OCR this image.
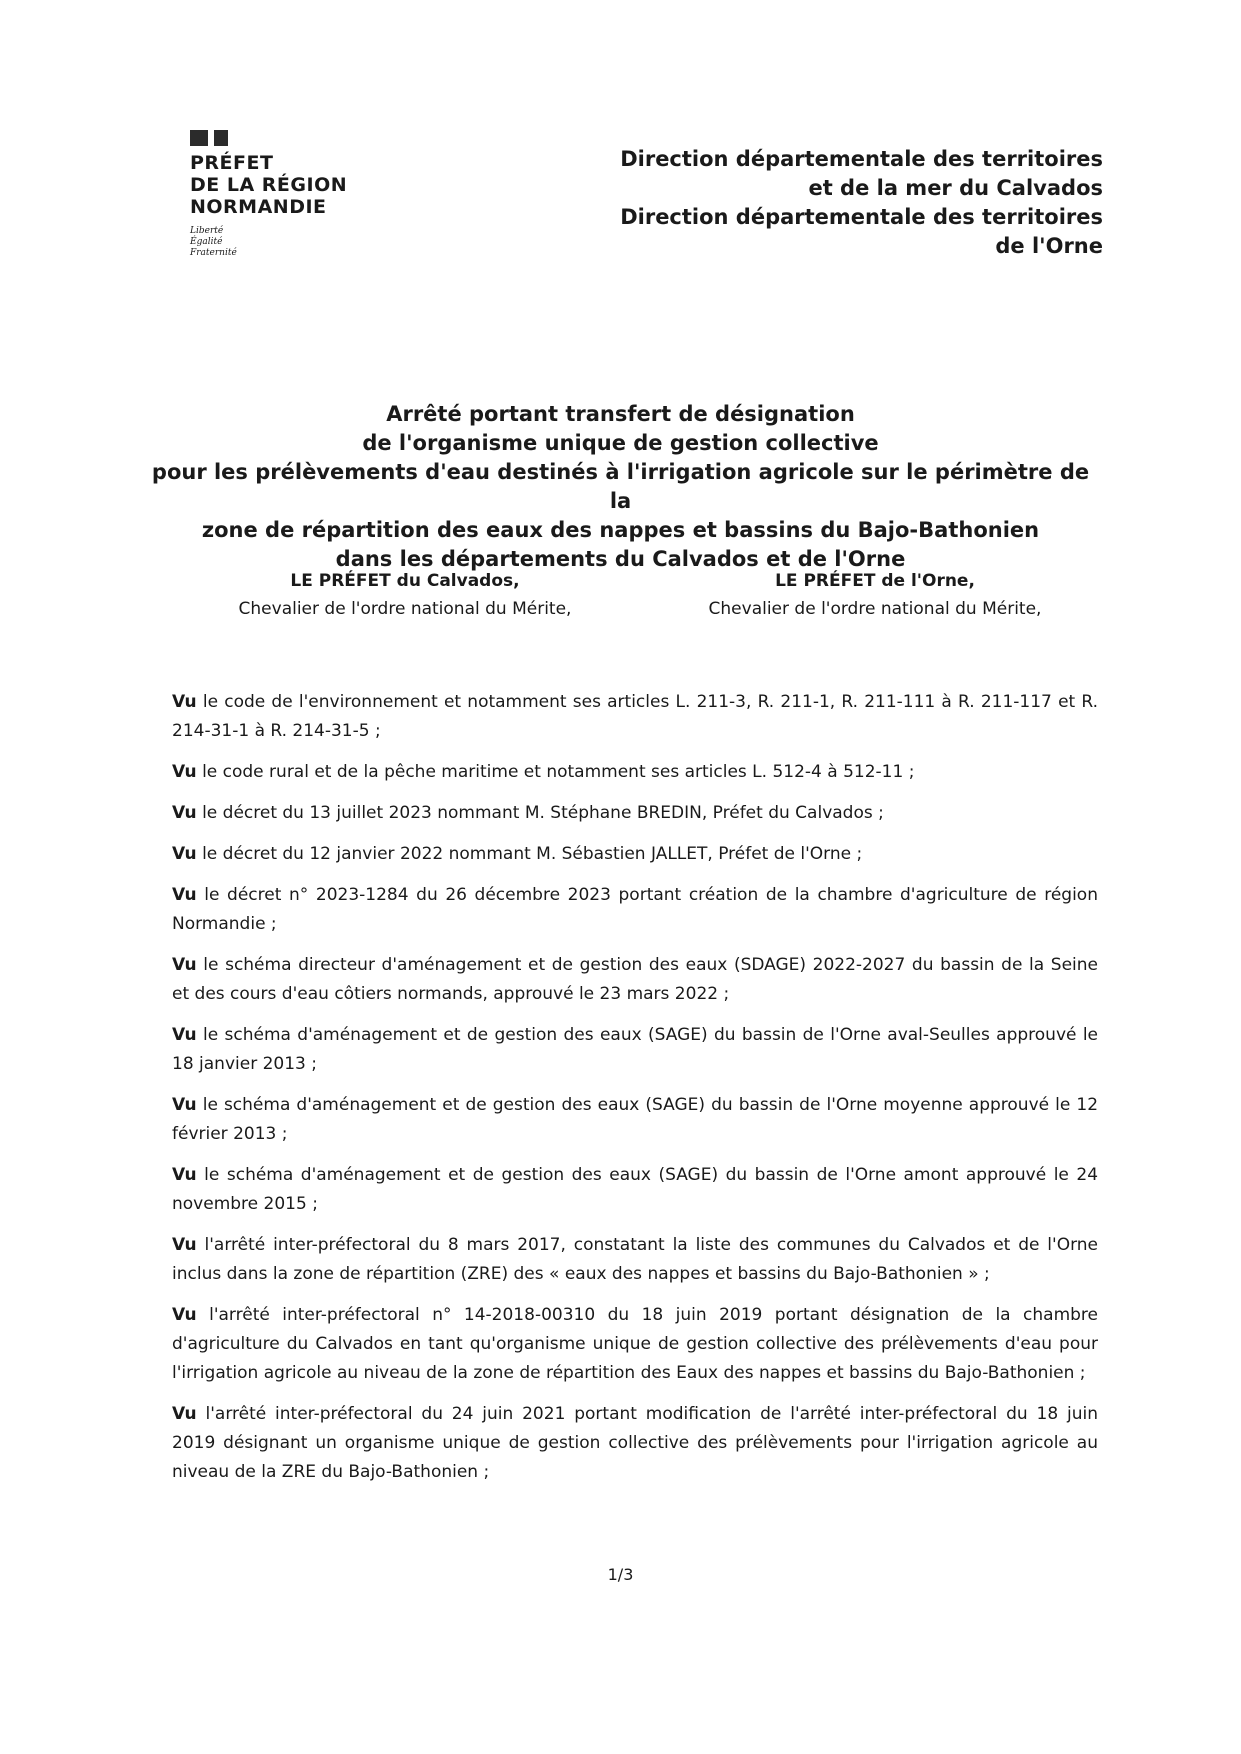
PRÉFET
DE LA RÉGION
NORMANDIE
Liberté
Égalité
Fraternité
Direction départementale des territoires
et de la mer du Calvados
Direction départementale des territoires
de l'Orne
Arrêté portant transfert de désignation
de l'organisme unique de gestion collective
pour les prélèvements d'eau destinés à l'irrigation agricole sur le périmètre de la
zone de répartition des eaux des nappes et bassins du Bajo-Bathonien
dans les départements du Calvados et de l'Orne
LE PRÉFET du Calvados,
Chevalier de l'ordre national du Mérite,
LE PRÉFET de l'Orne,
Chevalier de l'ordre national du Mérite,

Vu le code de l'environnement et notamment ses articles L. 211-3, R. 211-1, R. 211-111 à R. 211-117 et R. 214-31-1 à R. 214-31-5 ;

Vu le code rural et de la pêche maritime et notamment ses articles L. 512-4 à 512-11 ;

Vu le décret du 13 juillet 2023 nommant M. Stéphane BREDIN, Préfet du Calvados ;

Vu le décret du 12 janvier 2022 nommant M. Sébastien JALLET, Préfet de l'Orne ;

Vu le décret n° 2023-1284 du 26 décembre 2023 portant création de la chambre d'agriculture de région Normandie ;

Vu le schéma directeur d'aménagement et de gestion des eaux (SDAGE) 2022-2027 du bassin de la Seine et des cours d'eau côtiers normands, approuvé le 23 mars 2022 ;

Vu le schéma d'aménagement et de gestion des eaux (SAGE) du bassin de l'Orne aval-Seulles approuvé le 18 janvier 2013 ;

Vu le schéma d'aménagement et de gestion des eaux (SAGE) du bassin de l'Orne moyenne approuvé le 12 février 2013 ;

Vu le schéma d'aménagement et de gestion des eaux (SAGE) du bassin de l'Orne amont approuvé le 24 novembre 2015 ;

Vu l'arrêté inter-préfectoral du 8 mars 2017, constatant la liste des communes du Calvados et de l'Orne inclus dans la zone de répartition (ZRE) des « eaux des nappes et bassins du Bajo-Bathonien » ;

Vu l'arrêté inter-préfectoral n° 14-2018-00310 du 18 juin 2019 portant désignation de la chambre d'agriculture du Calvados en tant qu'organisme unique de gestion collective des prélèvements d'eau pour l'irrigation agricole au niveau de la zone de répartition des Eaux des nappes et bassins du Bajo-Bathonien ;

Vu l'arrêté inter-préfectoral du 24 juin 2021 portant modification de l'arrêté inter-préfectoral du 18 juin 2019 désignant un organisme unique de gestion collective des prélèvements pour l'irrigation agricole au niveau de la ZRE du Bajo-Bathonien ;

1/3
